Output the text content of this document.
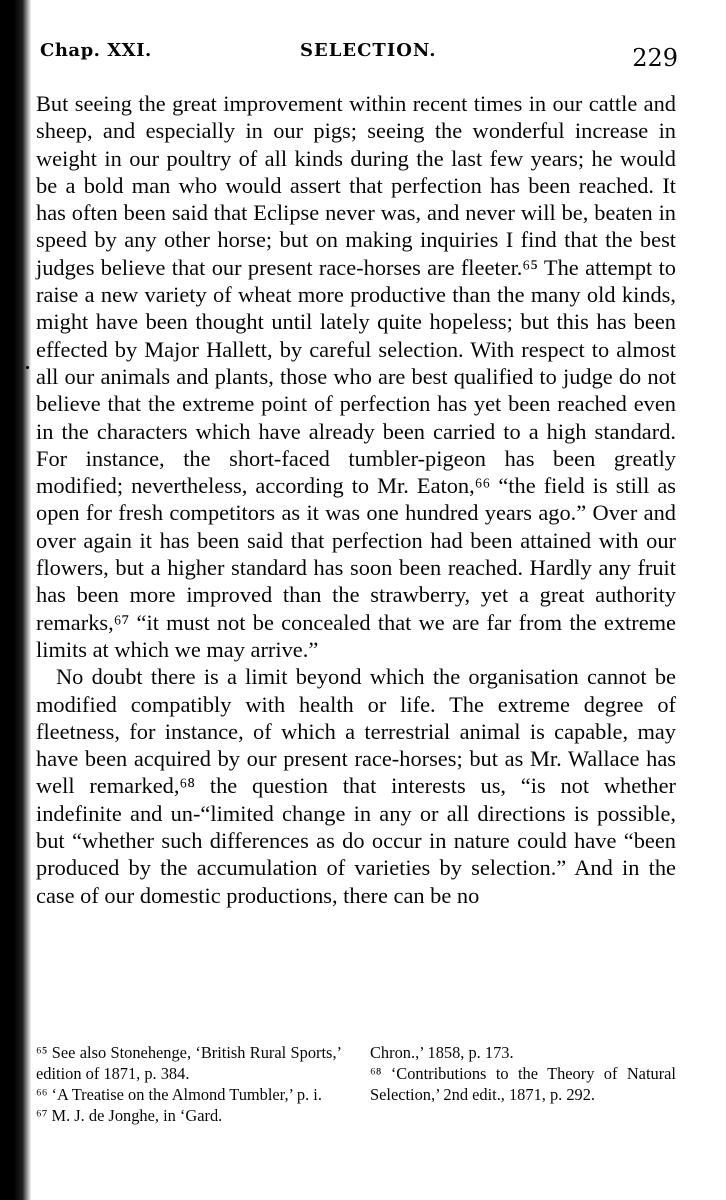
Chap. XXI.	SELECTION.	229

But seeing the great improvement within recent times in our cattle and sheep, and especially in our pigs; seeing the wonderful increase in weight in our poultry of all kinds during the last few years; he would be a bold man who would assert that perfection has been reached. It has often been said that Eclipse never was, and never will be, beaten in speed by any other horse; but on making inquiries I find that the best judges believe that our present race-horses are fleeter.⁶⁵ The attempt to raise a new variety of wheat more productive than the many old kinds, might have been thought until lately quite hopeless; but this has been effected by Major Hallett, by careful selection. With respect to almost all our animals and plants, those who are best qualified to judge do not believe that the extreme point of perfection has yet been reached even in the characters which have already been carried to a high standard. For instance, the short-faced tumbler-pigeon has been greatly modified; nevertheless, according to Mr. Eaton,⁶⁶ “the field is still as open for fresh competitors as it was one hundred years ago.” Over and over again it has been said that perfection had been attained with our flowers, but a higher standard has soon been reached. Hardly any fruit has been more improved than the strawberry, yet a great authority remarks,⁶⁷ “it must not be concealed that we are far from the extreme limits at which we may arrive.”

No doubt there is a limit beyond which the organisation cannot be modified compatibly with health or life. The extreme degree of fleetness, for instance, of which a terrestrial animal is capable, may have been acquired by our present race-horses; but as Mr. Wallace has well remarked,⁶⁸ the question that interests us, “is not whether indefinite and un-“limited change in any or all directions is possible, but “whether such differences as do occur in nature could have “been produced by the accumulation of varieties by selection.” And in the case of our domestic productions, there can be no

⁶⁵ See also Stonehenge, ‘British Rural Sports,’ edition of 1871, p. 384.

⁶⁶ ‘A Treatise on the Almond Tumbler,’ p. i.

⁶⁷ M. J. de Jonghe, in ‘Gard.

Chron.,’ 1858, p. 173.

⁶⁸ ‘Contributions to the Theory of Natural Selection,’ 2nd edit., 1871, p. 292.
